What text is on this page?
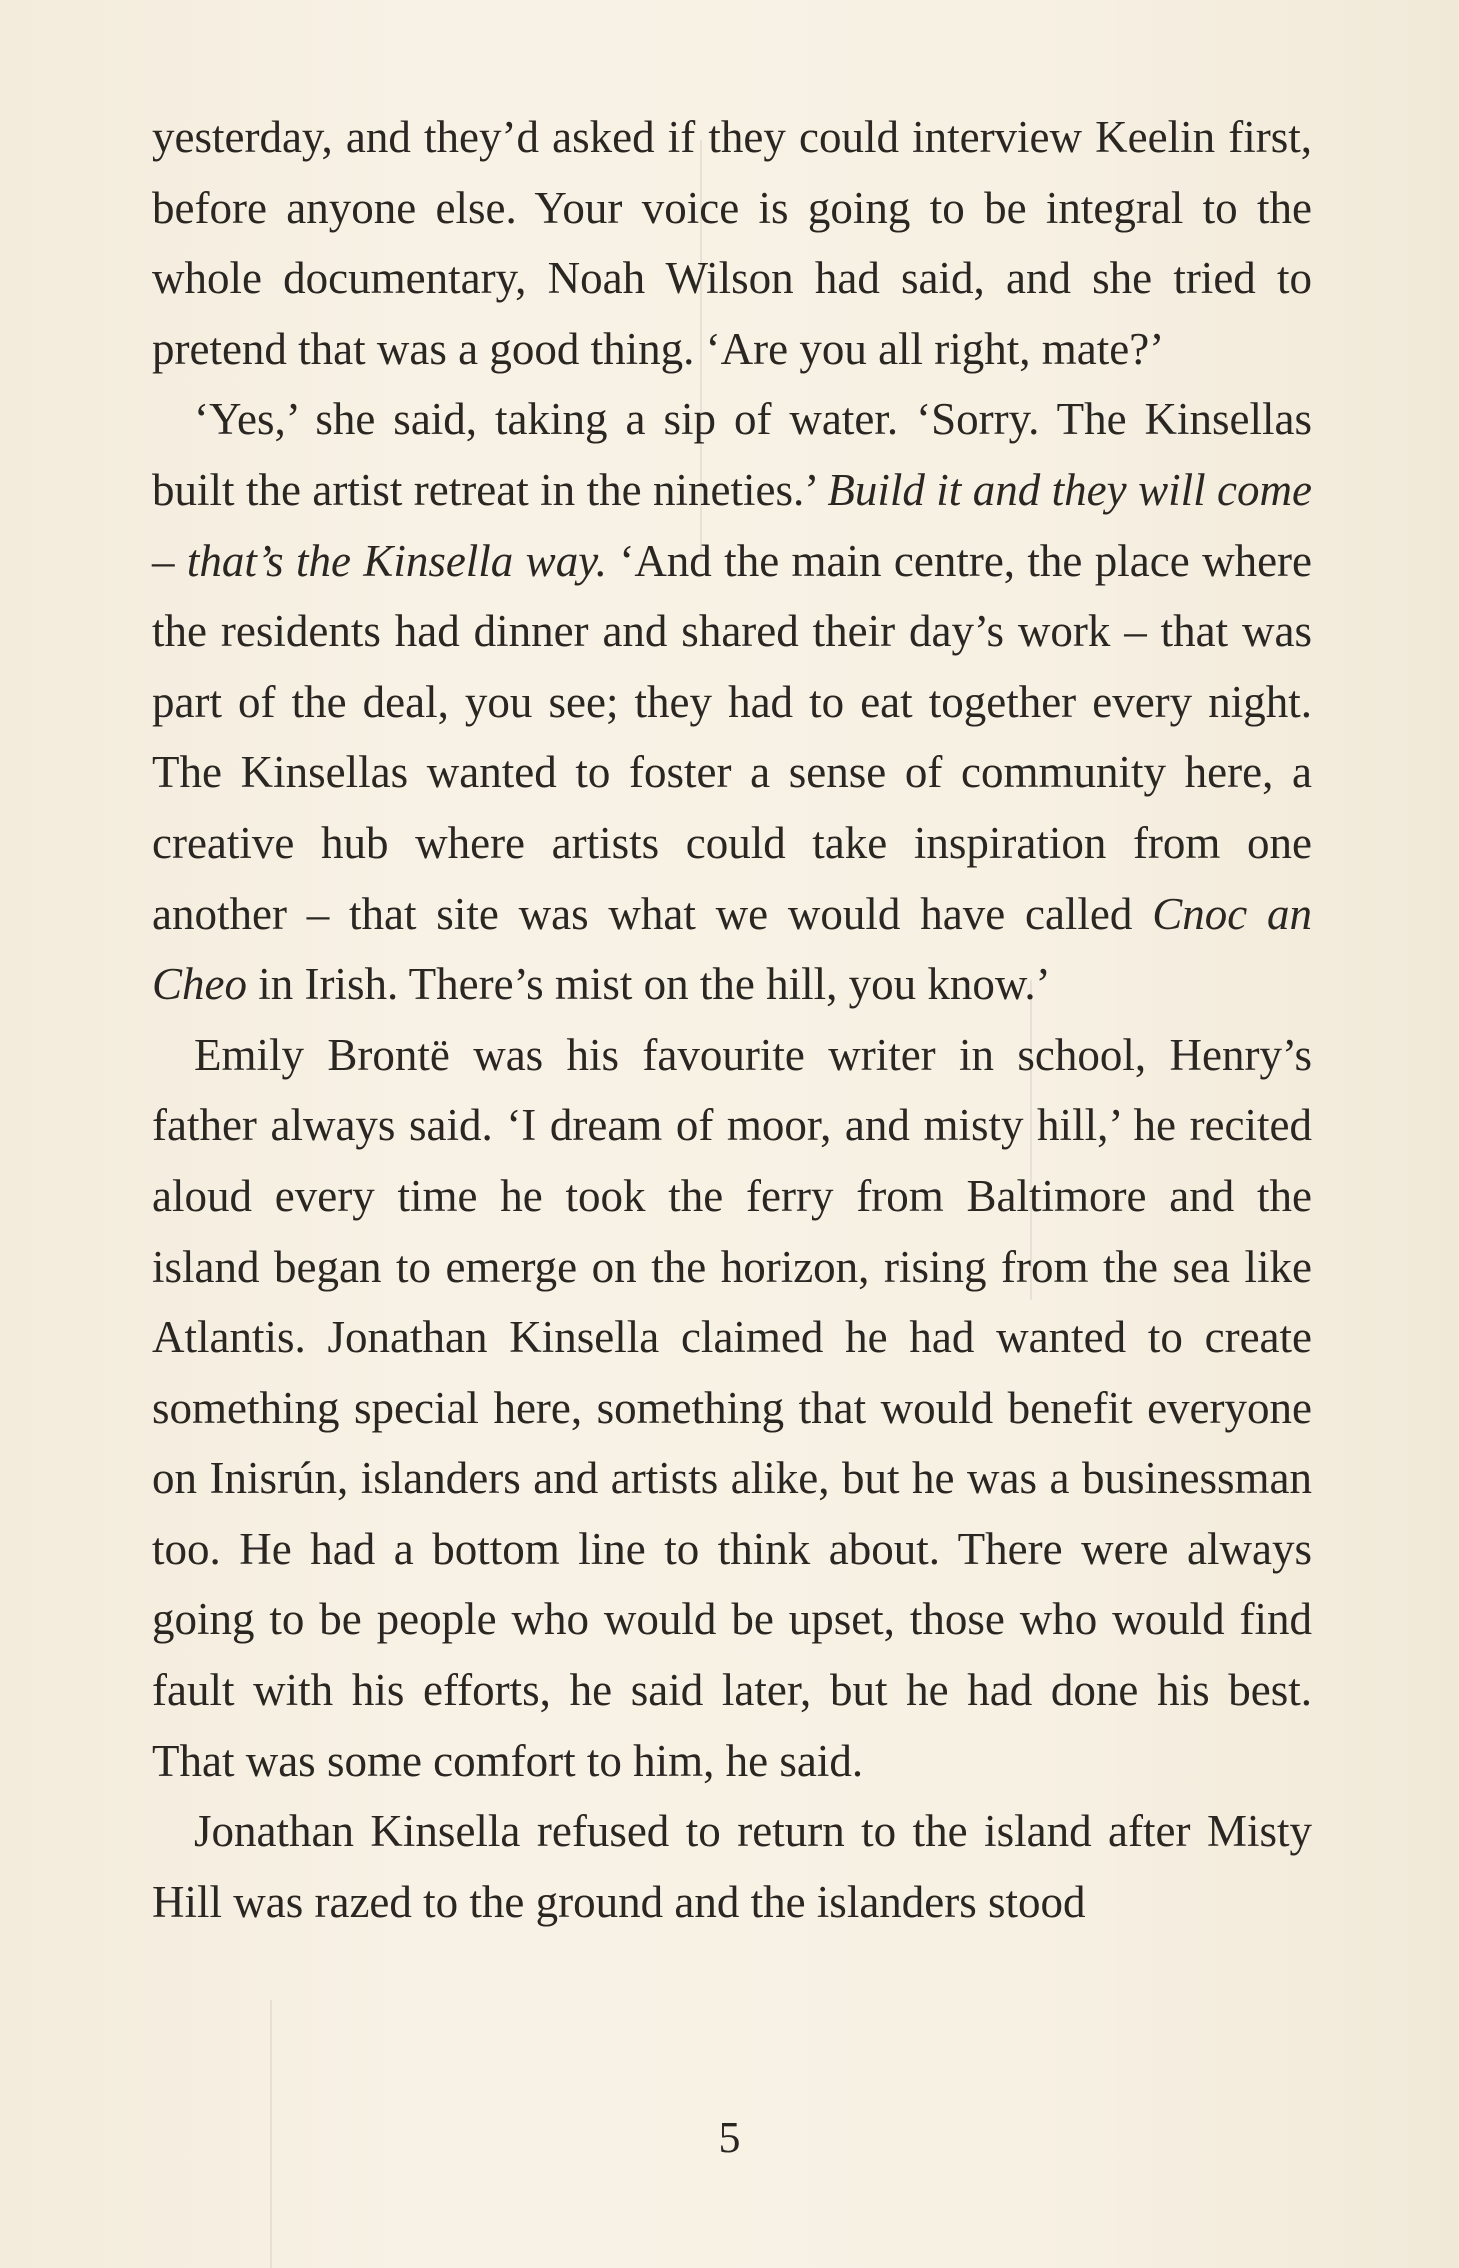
yesterday, and they’d asked if they could interview Keelin first, before anyone else. Your voice is going to be integral to the whole documentary, Noah Wilson had said, and she tried to pretend that was a good thing. ‘Are you all right, mate?’

‘Yes,’ she said, taking a sip of water. ‘Sorry. The Kinsellas built the artist retreat in the nineties.’ Build it and they will come – that’s the Kinsella way. ‘And the main centre, the place where the residents had dinner and shared their day’s work – that was part of the deal, you see; they had to eat together every night. The Kinsellas wanted to foster a sense of community here, a creative hub where artists could take inspiration from one another – that site was what we would have called Cnoc an Cheo in Irish. There’s mist on the hill, you know.’

Emily Brontë was his favourite writer in school, Henry’s father always said. ‘I dream of moor, and misty hill,’ he recited aloud every time he took the ferry from Baltimore and the island began to emerge on the horizon, rising from the sea like Atlantis. Jonathan Kinsella claimed he had wanted to create something special here, something that would benefit everyone on Inisrún, islanders and artists alike, but he was a businessman too. He had a bottom line to think about. There were always going to be people who would be upset, those who would find fault with his efforts, he said later, but he had done his best. That was some comfort to him, he said.

Jonathan Kinsella refused to return to the island after Misty Hill was razed to the ground and the islanders stood

5
